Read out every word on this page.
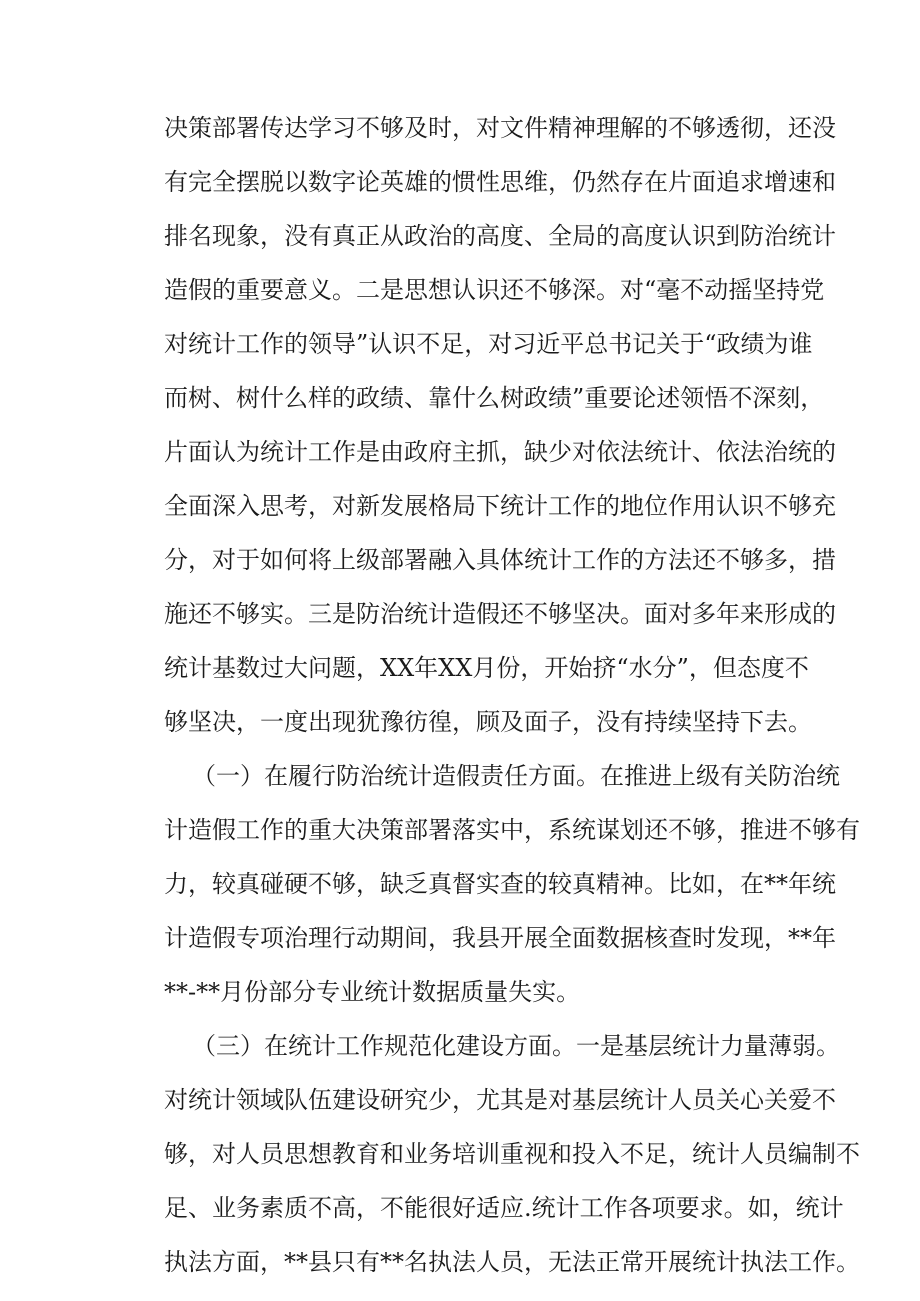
决策部署传达学习不够及时，对文件精神理解的不够透彻，还没
有完全摆脱以数字论英雄的惯性思维，仍然存在片面追求增速和
排名现象，没有真正从政治的高度、全局的高度认识到防治统计
造假的重要意义。二是思想认识还不够深。对“毫不动摇坚持党
对统计工作的领导”认识不足，对习近平总书记关于“政绩为谁
而树、树什么样的政绩、靠什么树政绩”重要论述领悟不深刻，
片面认为统计工作是由政府主抓，缺少对依法统计、依法治统的
全面深入思考，对新发展格局下统计工作的地位作用认识不够充
分，对于如何将上级部署融入具体统计工作的方法还不够多，措
施还不够实。三是防治统计造假还不够坚决。面对多年来形成的
统计基数过大问题，XX年XX月份，开始挤“水分”，但态度不
够坚决，一度出现犹豫彷徨，顾及面子，没有持续坚持下去。
（一）在履行防治统计造假责任方面。在推进上级有关防治统
计造假工作的重大决策部署落实中，系统谋划还不够，推进不够有
力，较真碰硬不够，缺乏真督实查的较真精神。比如，在**年统
计造假专项治理行动期间，我县开展全面数据核查时发现，**年
**-**月份部分专业统计数据质量失实。
（三）在统计工作规范化建设方面。一是基层统计力量薄弱。
对统计领域队伍建设研究少，尤其是对基层统计人员关心关爱不
够，对人员思想教育和业务培训重视和投入不足，统计人员编制不
足、业务素质不高，不能很好适应.统计工作各项要求。如，统计
执法方面，**县只有**名执法人员，无法正常开展统计执法工作。
